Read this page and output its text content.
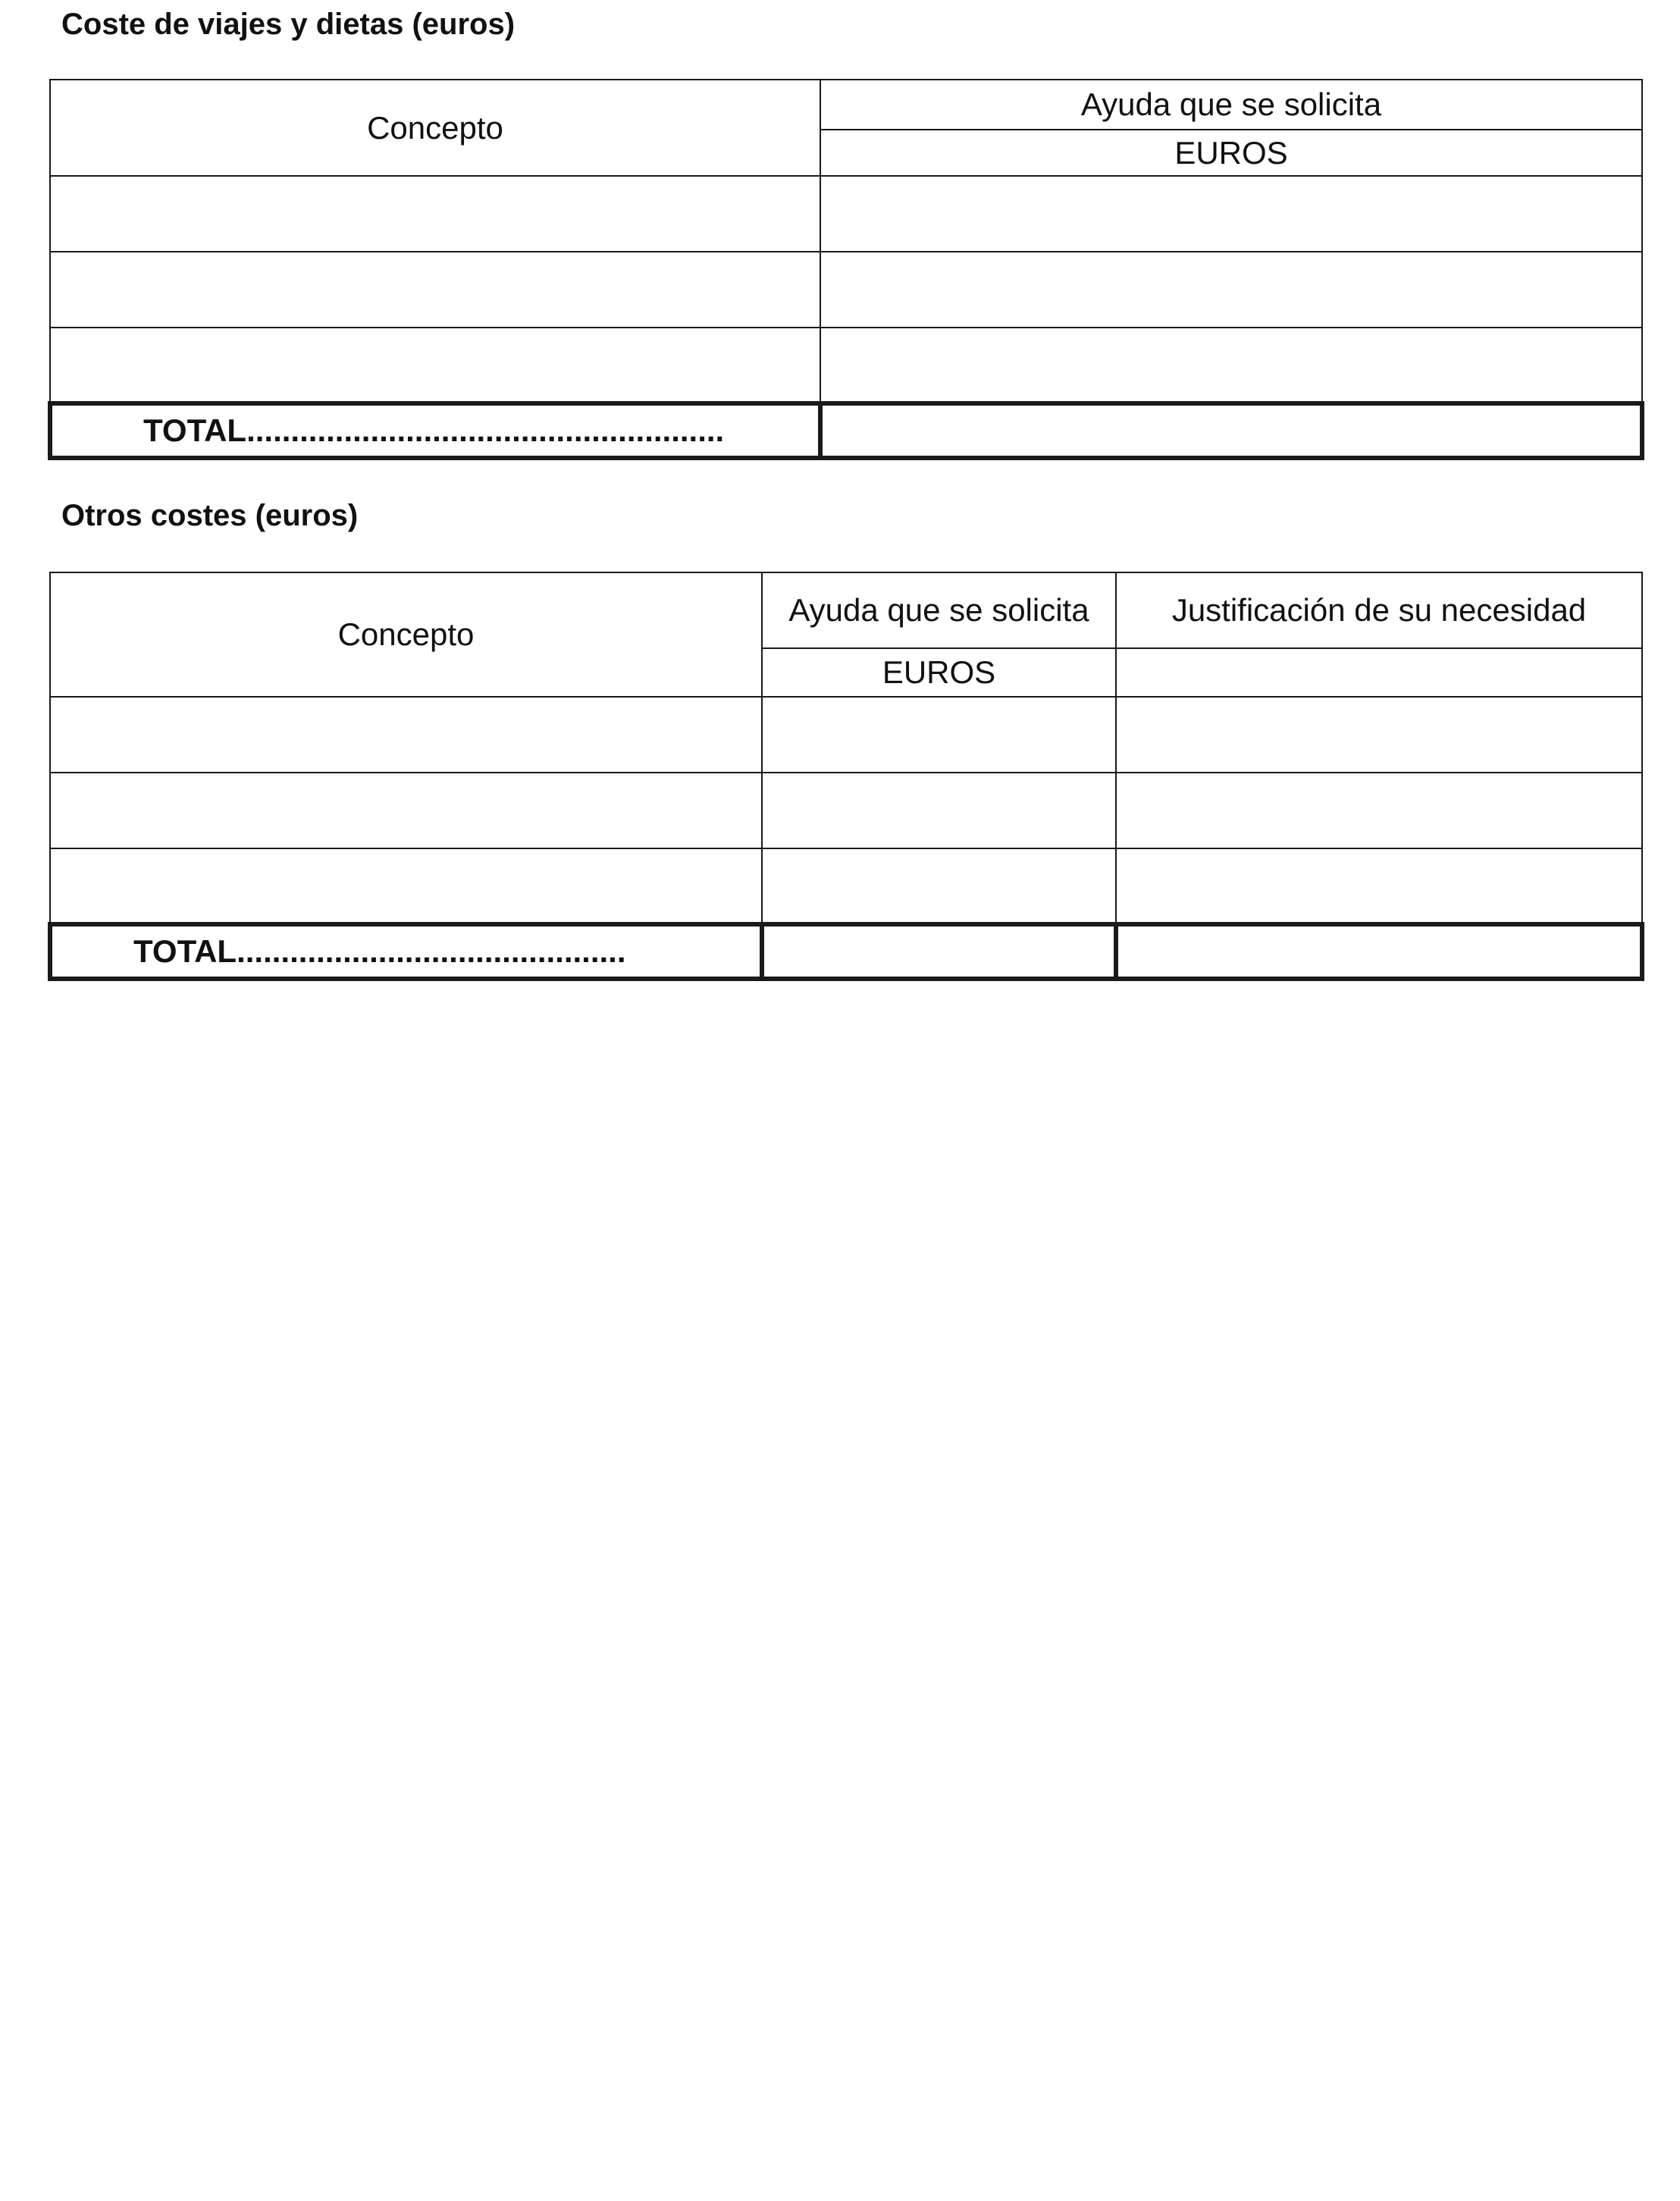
Coste de viajes y dietas (euros)
Concepto	Ayuda que se solicita
	EUROS

TOTAL......................................................	

Otros costes (euros)
Concepto	Ayuda que se solicita	Justificación de su necesidad
	EUROS	

TOTAL............................................		
